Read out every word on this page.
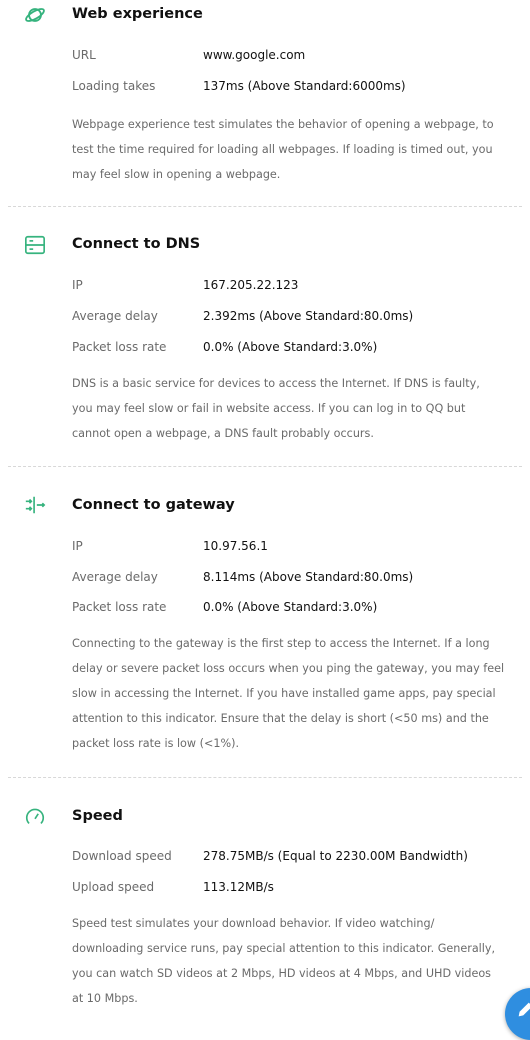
Web experience
URL	www.google.com
Loading takes	137ms (Above Standard:6000ms)
Webpage experience test simulates the behavior of opening a webpage, to
test the time required for loading all webpages. If loading is timed out, you
may feel slow in opening a webpage.
Connect to DNS
IP	167.205.22.123
Average delay	2.392ms (Above Standard:80.0ms)
Packet loss rate	0.0% (Above Standard:3.0%)
DNS is a basic service for devices to access the Internet. If DNS is faulty,
you may feel slow or fail in website access. If you can log in to QQ but
cannot open a webpage, a DNS fault probably occurs.
Connect to gateway
IP	10.97.56.1
Average delay	8.114ms (Above Standard:80.0ms)
Packet loss rate	0.0% (Above Standard:3.0%)
Connecting to the gateway is the first step to access the Internet. If a long
delay or severe packet loss occurs when you ping the gateway, you may feel
slow in accessing the Internet. If you have installed game apps, pay special
attention to this indicator. Ensure that the delay is short (<50 ms) and the
packet loss rate is low (<1%).
Speed
Download speed	278.75MB/s (Equal to 2230.00M Bandwidth)
Upload speed	113.12MB/s
Speed test simulates your download behavior. If video watching/
downloading service runs, pay special attention to this indicator. Generally,
you can watch SD videos at 2 Mbps, HD videos at 4 Mbps, and UHD videos
at 10 Mbps.
